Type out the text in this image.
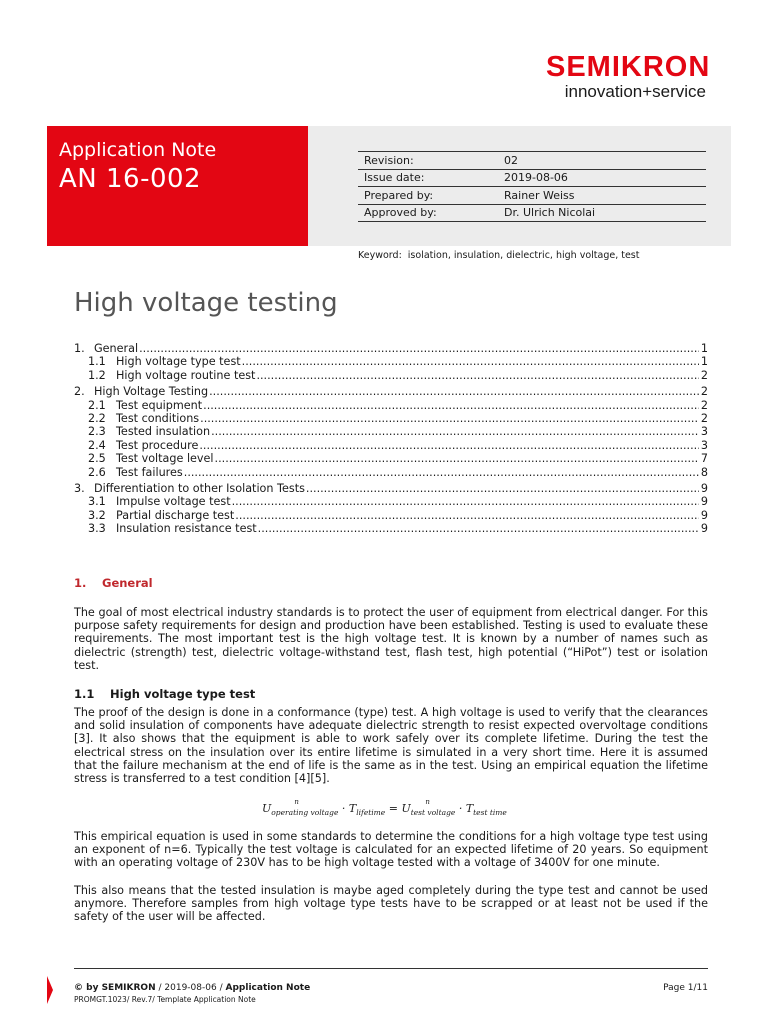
SEMIKRON
innovation+service
Application Note
AN 16-002
Revision:	02
Issue date:	2019-08-06
Prepared by:	Rainer Weiss
Approved by:	Dr. Ulrich Nicolai
Keyword: isolation, insulation, dielectric, high voltage, test
High voltage testing
1. General .....	1
1.1 High voltage type test .....	1
1.2 High voltage routine test .....	2
2. High Voltage Testing .....	2
2.1 Test equipment .....	2
2.2 Test conditions .....	2
2.3 Tested insulation .....	3
2.4 Test procedure .....	3
2.5 Test voltage level .....	7
2.6 Test failures .....	8
3. Differentiation to other Isolation Tests .....	9
3.1 Impulse voltage test .....	9
3.2 Partial discharge test .....	9
3.3 Insulation resistance test .....	9
1. General

The goal of most electrical industry standards is to protect the user of equipment from electrical danger. For this purpose safety requirements for design and production have been established. Testing is used to evaluate these requirements. The most important test is the high voltage test. It is known by a number of names such as dielectric (strength) test, dielectric voltage-withstand test, flash test, high potential (“HiPot”) test or isolation test.

1.1 High voltage type test

The proof of the design is done in a conformance (type) test. A high voltage is used to verify that the clearances and solid insulation of components have adequate dielectric strength to resist expected overvoltage conditions [3]. It also shows that the equipment is able to work safely over its complete lifetime. During the test the electrical stress on the insulation over its entire lifetime is simulated in a very short time. Here it is assumed that the failure mechanism at the end of life is the same as in the test. Using an empirical equation the lifetime stress is transferred to a test condition [4][5].

$U_{operating voltage}n$	· $T_{lifetime} = U_{test voltage}n$	· $T_{test time}$

This empirical equation is used in some standards to determine the conditions for a high voltage type test using an exponent of n=6. Typically the test voltage is calculated for an expected lifetime of 20 years. So equipment with an operating voltage of 230V has to be high voltage tested with a voltage of 3400V for one minute.

This also means that the tested insulation is maybe aged completely during the type test and cannot be used anymore. Therefore samples from high voltage type tests have to be scrapped or at least not be used if the safety of the user will be affected.

© by SEMIKRON / 2019-08-06 / Application Note
PROMGT.1023/ Rev.7/ Template Application Note
Page 1/11
